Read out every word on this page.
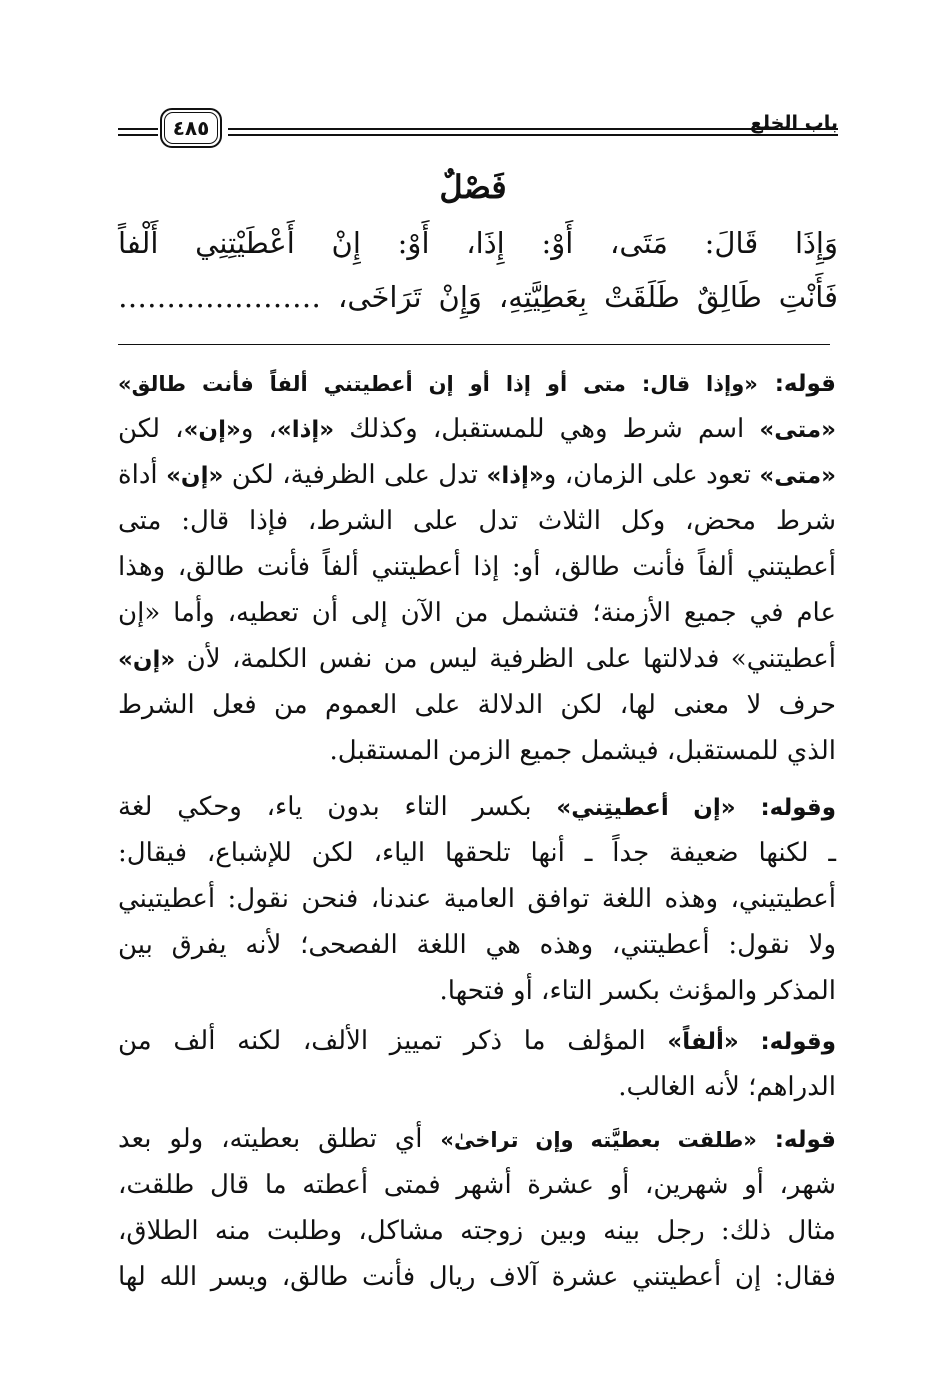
٤٨٥	باب الخلع
فَصْلٌ
وَإِذَا قَالَ: مَتَى، أَوْ: إِذَا، أَوْ: إِنْ أَعْطَيْتِنِي أَلْفاً
فَأَنْتِ طَالِقٌ طَلَقَتْ بِعَطِيَّتِهِ، وَإِنْ تَرَاخَى، …………………
قوله: «وإذا قال: متى أو إذا أو إن أعطيتني ألفاً فأنت طالق»
«متى» اسم شرط وهي للمستقبل، وكذلك «إذا»، و«إن»، لكن
«متى» تعود على الزمان، و«إذا» تدل على الظرفية، لكن «إن» أداة
شرط محض، وكل الثلاث تدل على الشرط، فإذا قال: متى
أعطيتني ألفاً فأنت طالق، أو: إذا أعطيتني ألفاً فأنت طالق، وهذا
عام في جميع الأزمنة؛ فتشمل من الآن إلى أن تعطيه، وأما «إن
أعطيتني» فدلالتها على الظرفية ليس من نفس الكلمة، لأن «إن»
حرف لا معنى لها، لكن الدلالة على العموم من فعل الشرط
الذي للمستقبل، فيشمل جميع الزمن المستقبل.
وقوله: «إن أعطيتِني» بكسر التاء بدون ياء، وحكي لغة
ـ لكنها ضعيفة جداً ـ أنها تلحقها الياء، لكن للإشباع، فيقال:
أعطيتيني، وهذه اللغة توافق العامية عندنا، فنحن نقول: أعطيتيني
ولا نقول: أعطيتني، وهذه هي اللغة الفصحى؛ لأنه يفرق بين
المذكر والمؤنث بكسر التاء، أو فتحها.
وقوله: «ألفاً» المؤلف ما ذكر تمييز الألف، لكنه ألف من
الدراهم؛ لأنه الغالب.
قوله: «طلقت بعطيَّته وإن تراخىٰ» أي تطلق بعطيته، ولو بعد
شهر، أو شهرين، أو عشرة أشهر فمتى أعطته ما قال طلقت،
مثال ذلك: رجل بينه وبين زوجته مشاكل، وطلبت منه الطلاق،
فقال: إن أعطيتني عشرة آلاف ريال فأنت طالق، ويسر الله لها
